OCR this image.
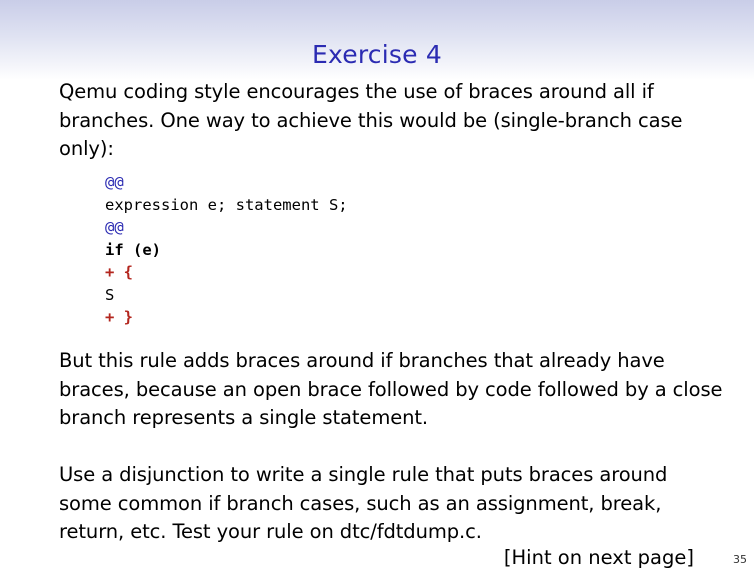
Exercise 4
Qemu coding style encourages the use of braces around all if
branches. One way to achieve this would be (single-branch case
only):
@@
expression e; statement S;
@@
if (e)
+ {
S
+ }
But this rule adds braces around if branches that already have
braces, because an open brace followed by code followed by a close
branch represents a single statement.
Use a disjunction to write a single rule that puts braces around
some common if branch cases, such as an assignment, break,
return, etc. Test your rule on dtc/fdtdump.c.
[Hint on next page]	35
